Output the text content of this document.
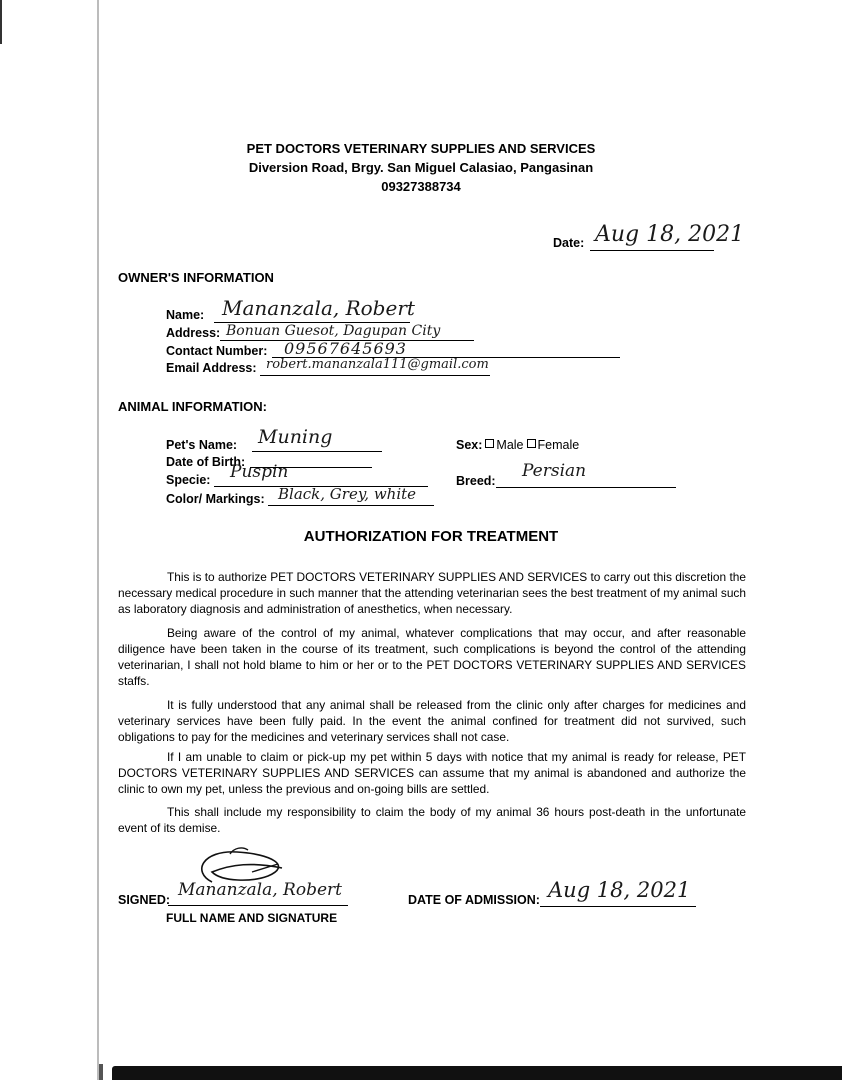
PET DOCTORS VETERINARY SUPPLIES AND SERVICES
Diversion Road, Brgy. San Miguel Calasiao, Pangasinan
09327388734
Date: Aug 18, 2021
OWNER'S INFORMATION
Name: Mananzala, Robert
Address: Bonuan Guesot, Dagupan City
Contact Number: 09567645693
Email Address: robert.mananzala111@gmail.com
ANIMAL INFORMATION:
Pet's Name: Muning	Sex: Male Female
Date of Birth:
Specie: Puspin	Breed: Persian
Color/ Markings: Black, Grey, white
AUTHORIZATION FOR TREATMENT
This is to authorize PET DOCTORS VETERINARY SUPPLIES AND SERVICES to carry out this discretion the necessary medical procedure in such manner that the attending veterinarian sees the best treatment of my animal such as laboratory diagnosis and administration of anesthetics, when necessary.
Being aware of the control of my animal, whatever complications that may occur, and after reasonable diligence have been taken in the course of its treatment, such complications is beyond the control of the attending veterinarian, I shall not hold blame to him or her or to the PET DOCTORS VETERINARY SUPPLIES AND SERVICES staffs.
It is fully understood that any animal shall be released from the clinic only after charges for medicines and veterinary services have been fully paid. In the event the animal confined for treatment did not survived, such obligations to pay for the medicines and veterinary services shall not case.
If I am unable to claim or pick-up my pet within 5 days with notice that my animal is ready for release, PET DOCTORS VETERINARY SUPPLIES AND SERVICES can assume that my animal is abandoned and authorize the clinic to own my pet, unless the previous and on-going bills are settled.
This shall include my responsibility to claim the body of my animal 36 hours post-death in the unfortunate event of its demise.
SIGNED: Mananzala, Robert
FULL NAME AND SIGNATURE
DATE OF ADMISSION: Aug 18, 2021
